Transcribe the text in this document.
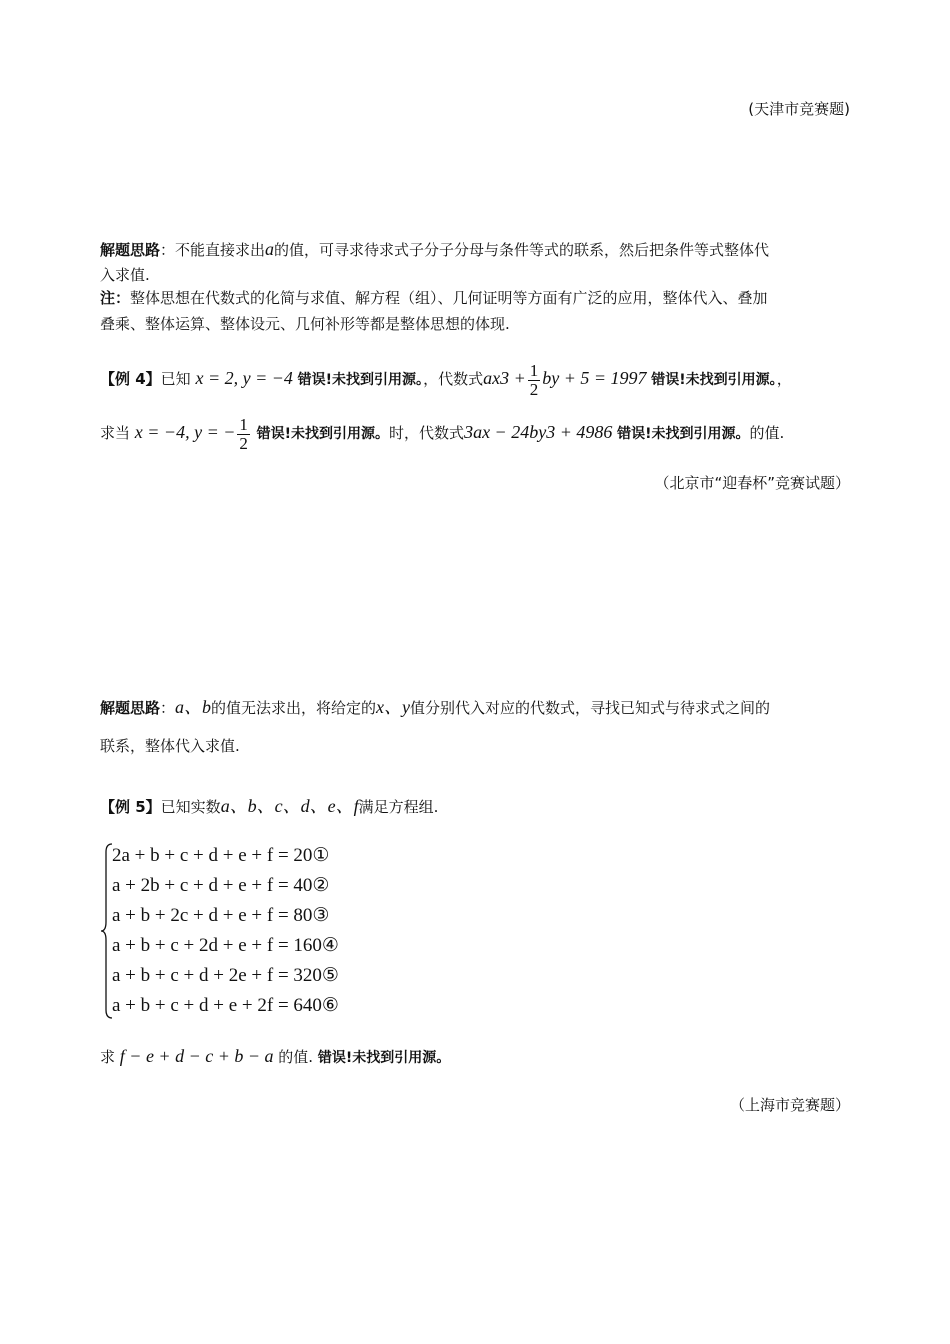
(天津市竞赛题)
解题思路：不能直接求出a的值，可寻求待求式子分子分母与条件等式的联系，然后把条件等式整体代
入求值.
注：整体思想在代数式的化简与求值、解方程（组）、几何证明等方面有广泛的应用，整体代入、叠加
叠乘、整体运算、整体设元、几何补形等都是整体思想的体现.
【例 4】已知 x = 2, y = −4 错误!未找到引用源。，代数式$ax3 + \frac{1}{2}$ by + 5 = 1997 错误!未找到引用源。，
求当 x = −4, y = − $\frac{1}{2}$ 错误!未找到引用源。时，代数式3ax − 24by3 + 4986 错误!未找到引用源。的值.
（北京市“迎春杯”竞赛试题）
解题思路：a、b的值无法求出，将给定的x、y值分别代入对应的代数式，寻找已知式与待求式之间的
联系，整体代入求值.
【例 5】已知实数a、b、c、d、e、f满足方程组.
2a + b + c + d + e + f = 20①
a + 2b + c + d + e + f = 40②
a + b + 2c + d + e + f = 80③
a + b + c + 2d + e + f = 160④
a + b + c + d + 2e + f = 320⑤
a + b + c + d + e + 2f = 640⑥
求 f − e + d − c + b − a 的值. 错误!未找到引用源。
（上海市竞赛题）
